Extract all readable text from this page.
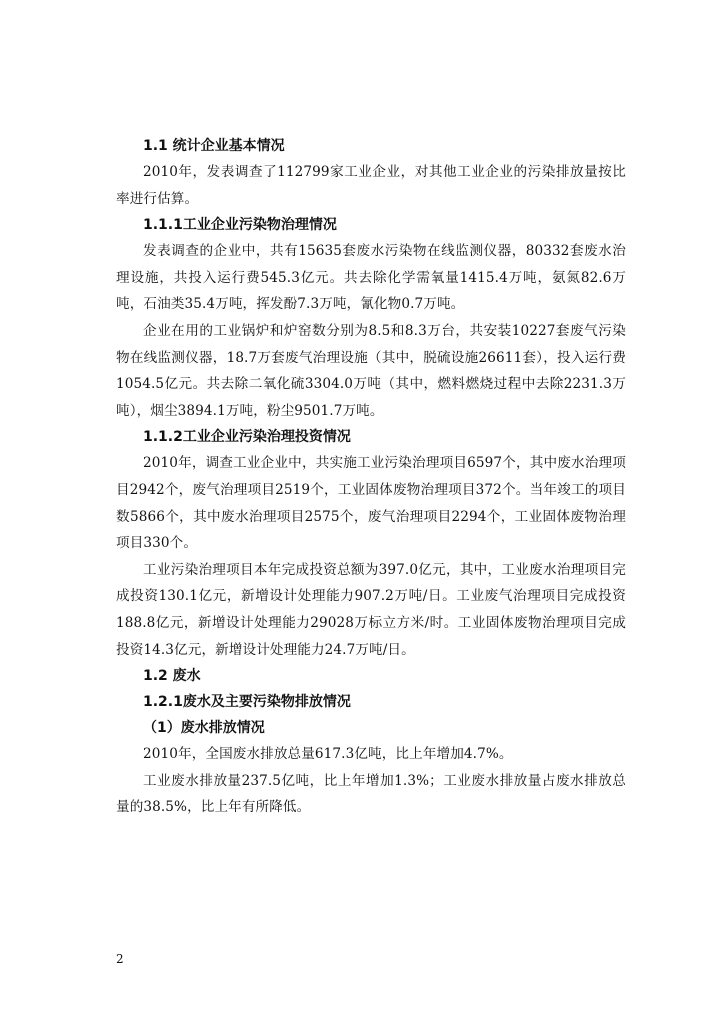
1.1 统计企业基本情况

2010年，发表调查了112799家工业企业，对其他工业企业的污染排放量按比率进行估算。

1.1.1工业企业污染物治理情况

发表调查的企业中，共有15635套废水污染物在线监测仪器，80332套废水治理设施，共投入运行费545.3亿元。共去除化学需氧量1415.4万吨，氨氮82.6万吨，石油类35.4万吨，挥发酚7.3万吨，氰化物0.7万吨。

企业在用的工业锅炉和炉窑数分别为8.5和8.3万台，共安装10227套废气污染物在线监测仪器，18.7万套废气治理设施（其中，脱硫设施26611套），投入运行费1054.5亿元。共去除二氧化硫3304.0万吨（其中，燃料燃烧过程中去除2231.3万吨），烟尘3894.1万吨，粉尘9501.7万吨。

1.1.2工业企业污染治理投资情况

2010年，调查工业企业中，共实施工业污染治理项目6597个，其中废水治理项目2942个，废气治理项目2519个，工业固体废物治理项目372个。当年竣工的项目数5866个，其中废水治理项目2575个，废气治理项目2294个，工业固体废物治理项目330个。

工业污染治理项目本年完成投资总额为397.0亿元，其中，工业废水治理项目完成投资130.1亿元，新增设计处理能力907.2万吨/日。工业废气治理项目完成投资188.8亿元，新增设计处理能力29028万标立方米/时。工业固体废物治理项目完成投资14.3亿元，新增设计处理能力24.7万吨/日。

1.2 废水

1.2.1废水及主要污染物排放情况

（1）废水排放情况

2010年，全国废水排放总量617.3亿吨，比上年增加4.7%。

工业废水排放量237.5亿吨，比上年增加1.3%；工业废水排放量占废水排放总量的38.5%，比上年有所降低。

2
